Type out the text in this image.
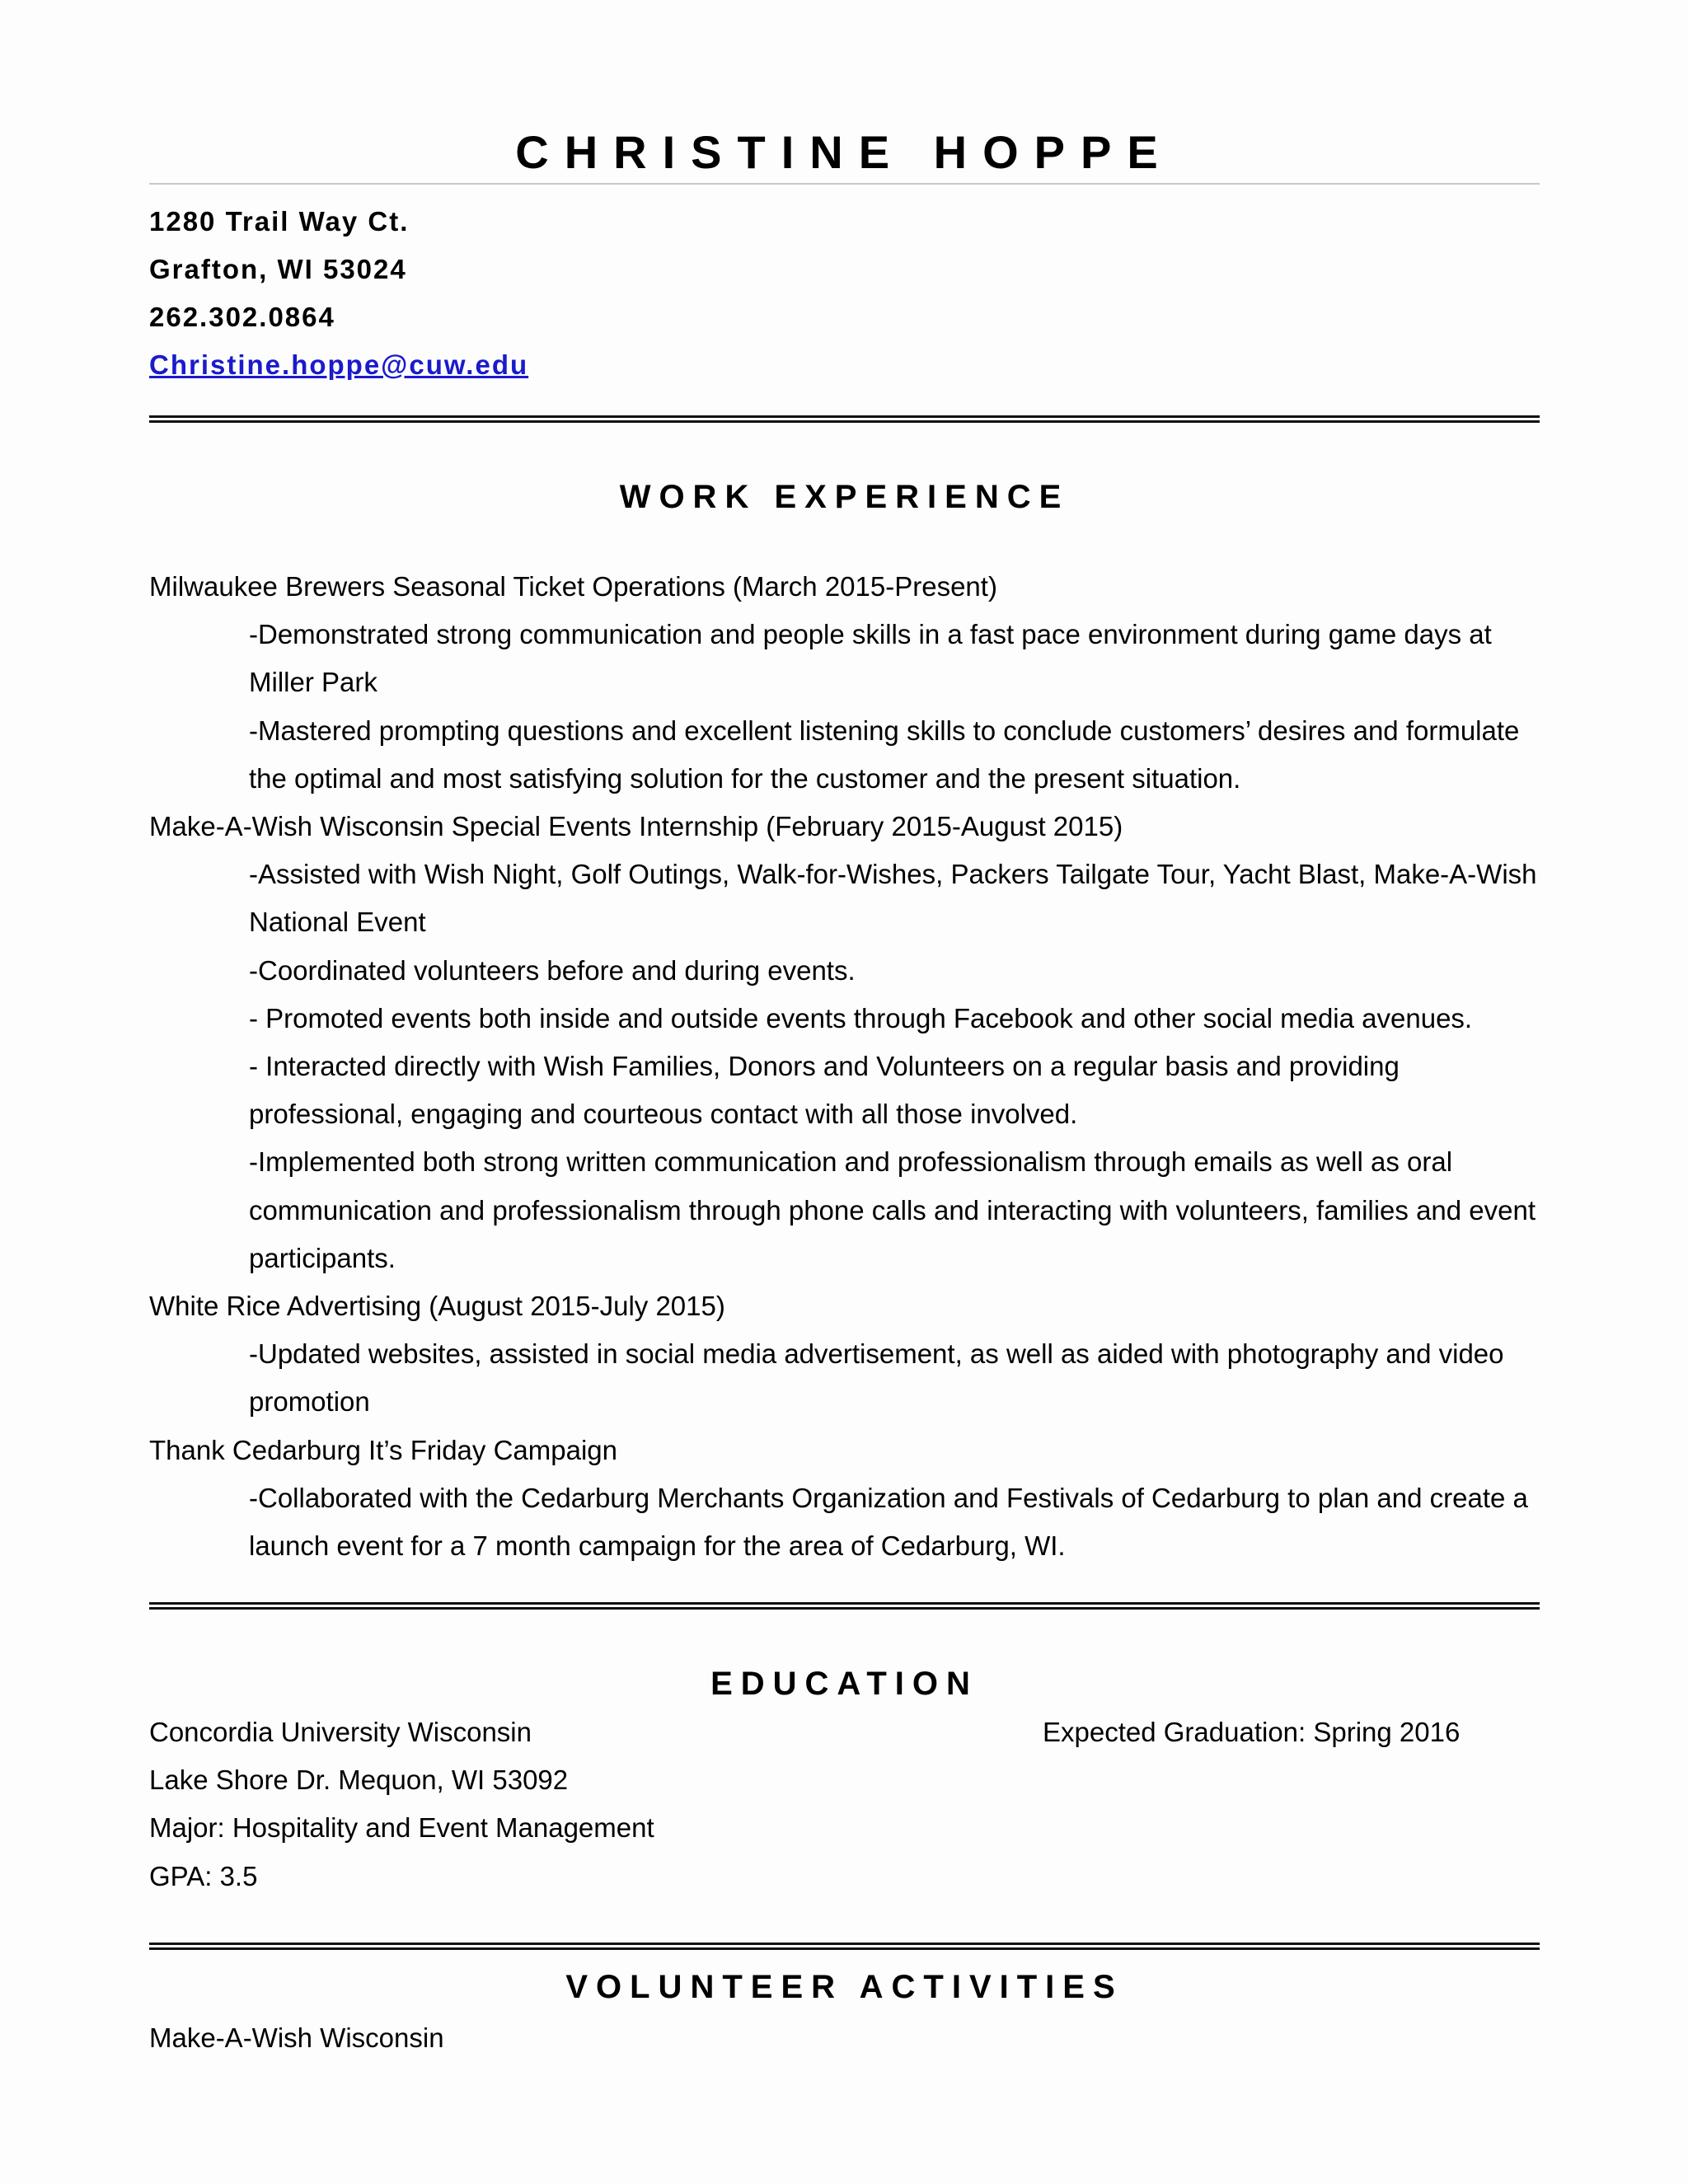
CHRISTINE HOPPE
1280 Trail Way Ct.
Grafton, WI 53024
262.302.0864
Christine.hoppe@cuw.edu
WORK EXPERIENCE

Milwaukee Brewers Seasonal Ticket Operations (March 2015-Present)

-Demonstrated strong communication and people skills in a fast pace environment during game days at Miller Park

-Mastered prompting questions and excellent listening skills to conclude customers’ desires and formulate the optimal and most satisfying solution for the customer and the present situation.

Make-A-Wish Wisconsin Special Events Internship (February 2015-August 2015)

-Assisted with Wish Night, Golf Outings, Walk-for-Wishes, Packers Tailgate Tour, Yacht Blast, Make-A-Wish National Event

-Coordinated volunteers before and during events.

- Promoted events both inside and outside events through Facebook and other social media avenues.

- Interacted directly with Wish Families, Donors and Volunteers on a regular basis and providing professional, engaging and courteous contact with all those involved.

-Implemented both strong written communication and professionalism through emails as well as oral communication and professionalism through phone calls and interacting with volunteers, families and event participants.

White Rice Advertising (August 2015-July 2015)

-Updated websites, assisted in social media advertisement, as well as aided with photography and video promotion

Thank Cedarburg It’s Friday Campaign

-Collaborated with the Cedarburg Merchants Organization and Festivals of Cedarburg to plan and create a launch event for a 7 month campaign for the area of Cedarburg, WI.

EDUCATION
Concordia University Wisconsin
Lake Shore Dr. Mequon, WI 53092
Major: Hospitality and Event Management
GPA: 3.5
Expected Graduation: Spring 2016
VOLUNTEER ACTIVITIES
Make-A-Wish Wisconsin
